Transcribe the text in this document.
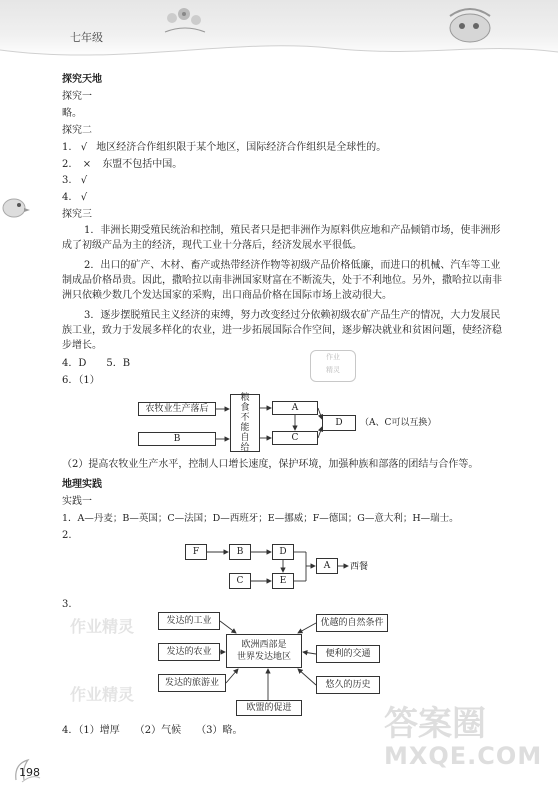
七年级
探究天地
探究一
略。
探究二
1. √ 地区经济合作组织限于某个地区，国际经济合作组织是全球性的。
2. × 东盟不包括中国。
3. √
4. √
探究三
1．非洲长期受殖民统治和控制，殖民者只是把非洲作为原料供应地和产品倾销市场，使非洲形成了初级产品为主的经济，现代工业十分落后，经济发展水平很低。
2．出口的矿产、木材、畜产或热带经济作物等初级产品价格低廉，而进口的机械、汽车等工业制成品价格昂贵。因此，撒哈拉以南非洲国家财富在不断流失，处于不利地位。另外，撒哈拉以南非洲只依赖少数几个发达国家的采购，出口商品价格在国际市场上波动很大。
3．逐步摆脱殖民主义经济的束缚，努力改变经过分依赖初级农矿产品生产的情况，大力发展民族工业，致力于发展多样化的农业，进一步拓展国际合作空间，逐步解决就业和贫困问题，使经济稳步增长。
4．D　　5．B
6．（1）
作业
精灵
农牧业生产落后
B
粮
食
不
能
自
给
A
C
D	（A、C可以互换）
（2）提高农牧业生产水平，控制人口增长速度，保护环境，加强种族和部落的团结与合作等。
地理实践
实践一
1．A—丹麦；B—英国；C—法国；D—西班牙；E—挪威；F—德国；G—意大利；H—瑞士。
2.
F	B	D
C	E
A	西餐
3.
作业精灵
作业精灵
发达的工业
发达的农业
发达的旅游业
欧洲西部是
世界发达地区
优越的自然条件
便利的交通
悠久的历史
欧盟的促进
4．（1）增厚　　（2）气候　　（3）略。	答案圈
MXQE.COM
198
